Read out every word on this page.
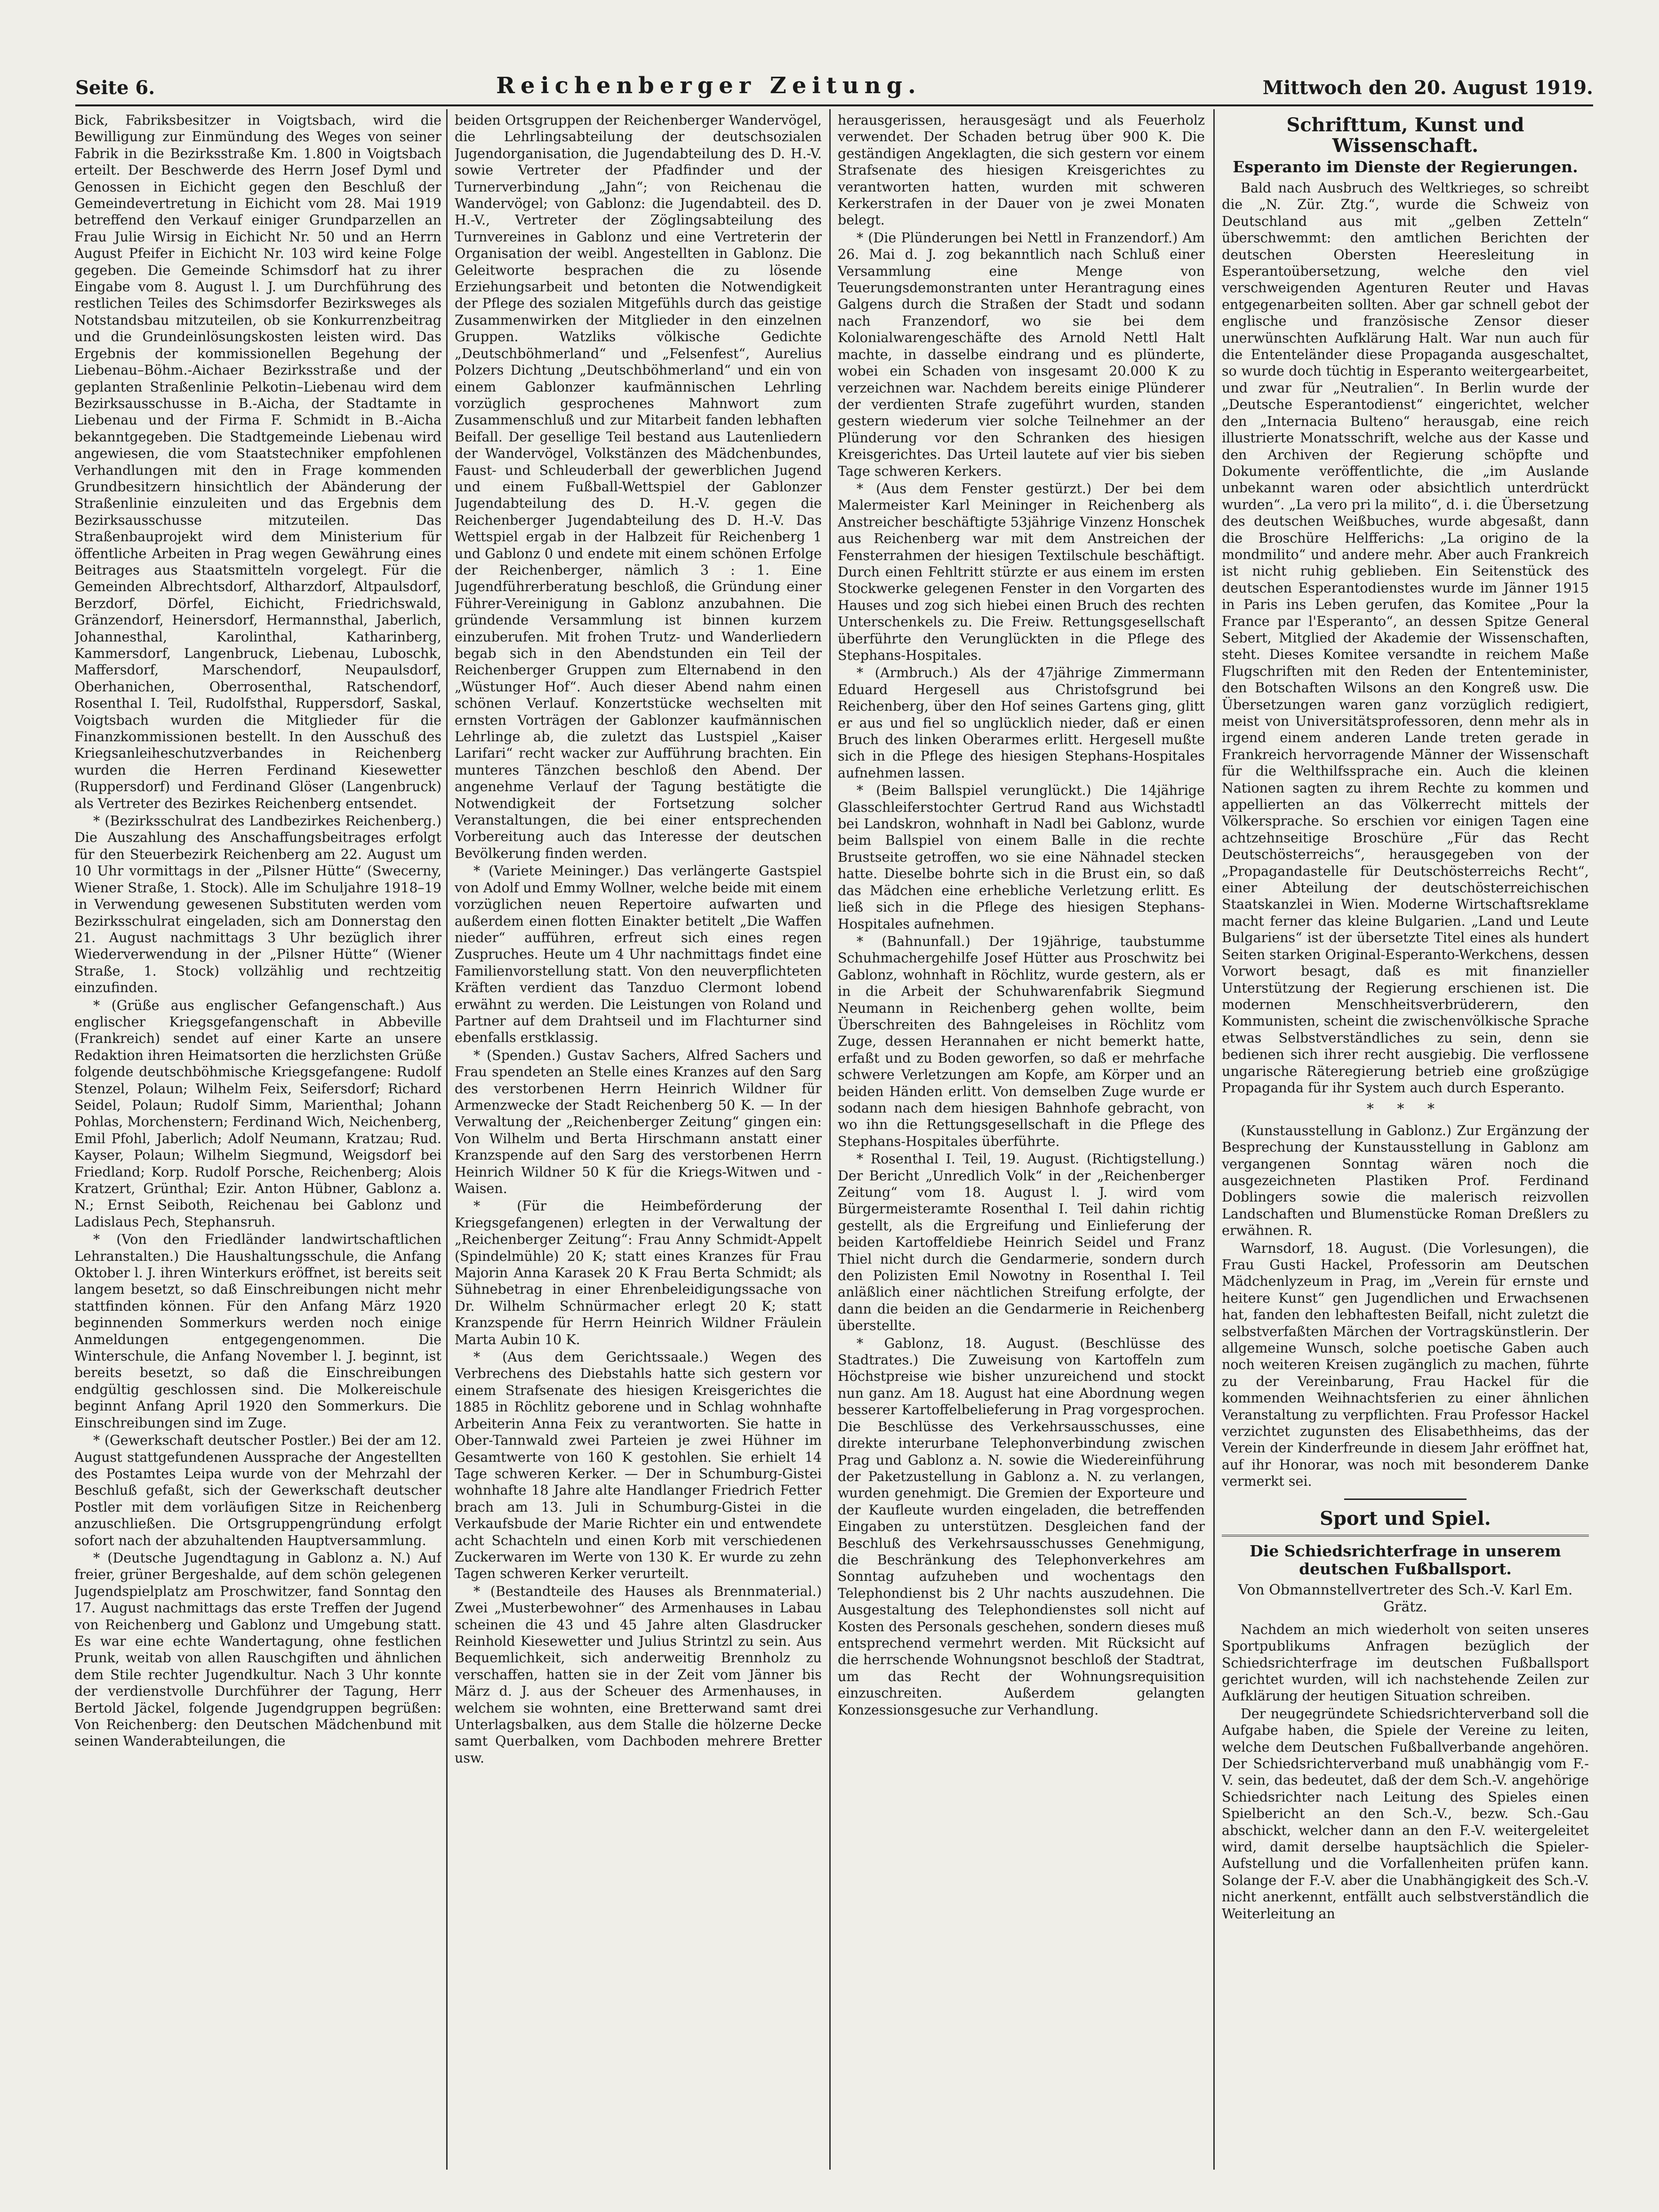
Seite 6.	Reichenberger Zeitung.	Mittwoch den 20. August 1919.

Bick, Fabriksbesitzer in Voigtsbach, wird die Bewilligung zur Einmündung des Weges von seiner Fabrik in die Bezirksstraße Km. 1.800 in Voigtsbach erteilt. Der Beschwerde des Herrn Josef Dyml und Genossen in Eichicht gegen den Beschluß der Gemeindevertretung in Eichicht vom 28. Mai 1919 betreffend den Verkauf einiger Grundparzellen an Frau Julie Wirsig in Eichicht Nr. 50 und an Herrn August Pfeifer in Eichicht Nr. 103 wird keine Folge gegeben. Die Gemeinde Schimsdorf hat zu ihrer Eingabe vom 8. August l. J. um Durchführung des restlichen Teiles des Schimsdorfer Bezirksweges als Notstandsbau mitzuteilen, ob sie Konkurrenzbeitrag und die Grundeinlösungskosten leisten wird. Das Ergebnis der kommissionellen Begehung der Liebenau–Böhm.-Aichaer Bezirksstraße und der geplanten Straßenlinie Pelkotin–Liebenau wird dem Bezirksausschusse in B.-Aicha, der Stadtamte in Liebenau und der Firma F. Schmidt in B.-Aicha bekanntgegeben. Die Stadtgemeinde Liebenau wird angewiesen, die vom Staatstechniker empfohlenen Verhandlungen mit den in Frage kommenden Grundbesitzern hinsichtlich der Abänderung der Straßenlinie einzuleiten und das Ergebnis dem Bezirksausschusse mitzuteilen. Das Straßenbauprojekt wird dem Ministerium für öffentliche Arbeiten in Prag wegen Gewährung eines Beitrages aus Staatsmitteln vorgelegt. Für die Gemeinden Albrechtsdorf, Altharzdorf, Altpaulsdorf, Berzdorf, Dörfel, Eichicht, Friedrichswald, Gränzendorf, Heinersdorf, Hermannsthal, Jaberlich, Johannesthal, Karolinthal, Katharinberg, Kammersdorf, Langenbruck, Liebenau, Luboschk, Maffersdorf, Marschendorf, Neupaulsdorf, Oberhanichen, Oberrosenthal, Ratschendorf, Rosenthal I. Teil, Rudolfsthal, Ruppersdorf, Saskal, Voigtsbach wurden die Mitglieder für die Finanzkommissionen bestellt. In den Ausschuß des Kriegsanleiheschutzverbandes in Reichenberg wurden die Herren Ferdinand Kiesewetter (Ruppersdorf) und Ferdinand Glöser (Langenbruck) als Vertreter des Bezirkes Reichenberg entsendet.

* (Bezirksschulrat des Landbezirkes Reichenberg.) Die Auszahlung des Anschaffungsbeitrages erfolgt für den Steuerbezirk Reichenberg am 22. August um 10 Uhr vormittags in der „Pilsner Hütte“ (Swecerny, Wiener Straße, 1. Stock). Alle im Schuljahre 1918–19 in Verwendung gewesenen Substituten werden vom Bezirksschulrat eingeladen, sich am Donnerstag den 21. August nachmittags 3 Uhr bezüglich ihrer Wiederverwendung in der „Pilsner Hütte“ (Wiener Straße, 1. Stock) vollzählig und rechtzeitig einzufinden.

* (Grüße aus englischer Gefangenschaft.) Aus englischer Kriegsgefangenschaft in Abbeville (Frankreich) sendet auf einer Karte an unsere Redaktion ihren Heimatsorten die herzlichsten Grüße folgende deutschböhmische Kriegsgefangene: Rudolf Stenzel, Polaun; Wilhelm Feix, Seifersdorf; Richard Seidel, Polaun; Rudolf Simm, Marienthal; Johann Pohlas, Morchenstern; Ferdinand Wich, Neichenberg, Emil Pfohl, Jaberlich; Adolf Neumann, Kratzau; Rud. Kayser, Polaun; Wilhelm Siegmund, Weigsdorf bei Friedland; Korp. Rudolf Porsche, Reichenberg; Alois Kratzert, Grünthal; Ezir. Anton Hübner, Gablonz a. N.; Ernst Seiboth, Reichenau bei Gablonz und Ladislaus Pech, Stephansruh.

* (Von den Friedländer landwirtschaftlichen Lehranstalten.) Die Haushaltungsschule, die Anfang Oktober l. J. ihren Winterkurs eröffnet, ist bereits seit langem besetzt, so daß Einschreibungen nicht mehr stattfinden können. Für den Anfang März 1920 beginnenden Sommerkurs werden noch einige Anmeldungen entgegengenommen. Die Winterschule, die Anfang November l. J. beginnt, ist bereits besetzt, so daß die Einschreibungen endgültig geschlossen sind. Die Molkereischule beginnt Anfang April 1920 den Sommerkurs. Die Einschreibungen sind im Zuge.

* (Gewerkschaft deutscher Postler.) Bei der am 12. August stattgefundenen Aussprache der Angestellten des Postamtes Leipa wurde von der Mehrzahl der Beschluß gefaßt, sich der Gewerkschaft deutscher Postler mit dem vorläufigen Sitze in Reichenberg anzuschließen. Die Ortsgruppengründung erfolgt sofort nach der abzuhaltenden Hauptversammlung.

* (Deutsche Jugendtagung in Gablonz a. N.) Auf freier, grüner Bergeshalde, auf dem schön gelegenen Jugendspielplatz am Proschwitzer, fand Sonntag den 17. August nachmittags das erste Treffen der Jugend von Reichenberg und Gablonz und Umgebung statt. Es war eine echte Wandertagung, ohne festlichen Prunk, weitab von allen Rauschgiften und ähnlichen dem Stile rechter Jugendkultur. Nach 3 Uhr konnte der verdienstvolle Durchführer der Tagung, Herr Bertold Jäckel, folgende Jugendgruppen begrüßen: Von Reichenberg: den Deutschen Mädchenbund mit seinen Wanderabteilungen, die

beiden Ortsgruppen der Reichenberger Wandervögel, die Lehrlingsabteilung der deutschsozialen Jugendorganisation, die Jugendabteilung des D. H.-V. sowie Vertreter der Pfadfinder und der Turnerverbindung „Jahn“; von Reichenau die Wandervögel; von Gablonz: die Jugendabteil. des D. H.-V., Vertreter der Zöglingsabteilung des Turnvereines in Gablonz und eine Vertreterin der Organisation der weibl. Angestellten in Gablonz. Die Geleitworte besprachen die zu lösende Erziehungsarbeit und betonten die Notwendigkeit der Pflege des sozialen Mitgefühls durch das geistige Zusammenwirken der Mitglieder in den einzelnen Gruppen. Watzliks völkische Gedichte „Deutschböhmerland“ und „Felsenfest“, Aurelius Polzers Dichtung „Deutschböhmerland“ und ein von einem Gablonzer kaufmännischen Lehrling vorzüglich gesprochenes Mahnwort zum Zusammenschluß und zur Mitarbeit fanden lebhaften Beifall. Der gesellige Teil bestand aus Lautenliedern der Wandervögel, Volkstänzen des Mädchenbundes, Faust- und Schleuderball der gewerblichen Jugend und einem Fußball-Wettspiel der Gablonzer Jugendabteilung des D. H.-V. gegen die Reichenberger Jugendabteilung des D. H.-V. Das Wettspiel ergab in der Halbzeit für Reichenberg 1 und Gablonz 0 und endete mit einem schönen Erfolge der Reichenberger, nämlich 3 : 1. Eine Jugendführerberatung beschloß, die Gründung einer Führer-Vereinigung in Gablonz anzubahnen. Die gründende Versammlung ist binnen kurzem einzuberufen. Mit frohen Trutz- und Wanderliedern begab sich in den Abendstunden ein Teil der Reichenberger Gruppen zum Elternabend in den „Wüstunger Hof“. Auch dieser Abend nahm einen schönen Verlauf. Konzertstücke wechselten mit ernsten Vorträgen der Gablonzer kaufmännischen Lehrlinge ab, die zuletzt das Lustspiel „Kaiser Larifari“ recht wacker zur Aufführung brachten. Ein munteres Tänzchen beschloß den Abend. Der angenehme Verlauf der Tagung bestätigte die Notwendigkeit der Fortsetzung solcher Veranstaltungen, die bei einer entsprechenden Vorbereitung auch das Interesse der deutschen Bevölkerung finden werden.

* (Variete Meininger.) Das verlängerte Gastspiel von Adolf und Emmy Wollner, welche beide mit einem vorzüglichen neuen Repertoire aufwarten und außerdem einen flotten Einakter betitelt „Die Waffen nieder“ aufführen, erfreut sich eines regen Zuspruches. Heute um 4 Uhr nachmittags findet eine Familienvorstellung statt. Von den neuverpflichteten Kräften verdient das Tanzduo Clermont lobend erwähnt zu werden. Die Leistungen von Roland und Partner auf dem Drahtseil und im Flachturner sind ebenfalls erstklassig.

* (Spenden.) Gustav Sachers, Alfred Sachers und Frau spendeten an Stelle eines Kranzes auf den Sarg des verstorbenen Herrn Heinrich Wildner für Armenzwecke der Stadt Reichenberg 50 K. — In der Verwaltung der „Reichenberger Zeitung“ gingen ein: Von Wilhelm und Berta Hirschmann anstatt einer Kranzspende auf den Sarg des verstorbenen Herrn Heinrich Wildner 50 K für die Kriegs-Witwen und -Waisen.

* (Für die Heimbeförderung der Kriegsgefangenen) erlegten in der Verwaltung der „Reichenberger Zeitung“: Frau Anny Schmidt-Appelt (Spindelmühle) 20 K; statt eines Kranzes für Frau Majorin Anna Karasek 20 K Frau Berta Schmidt; als Sühnebetrag in einer Ehrenbeleidigungssache von Dr. Wilhelm Schnürmacher erlegt 20 K; statt Kranzspende für Herrn Heinrich Wildner Fräulein Marta Aubin 10 K.

* (Aus dem Gerichtssaale.) Wegen des Verbrechens des Diebstahls hatte sich gestern vor einem Strafsenate des hiesigen Kreisgerichtes die 1885 in Röchlitz geborene und in Schlag wohnhafte Arbeiterin Anna Feix zu verantworten. Sie hatte in Ober-Tannwald zwei Parteien je zwei Hühner im Gesamtwerte von 160 K gestohlen. Sie erhielt 14 Tage schweren Kerker. — Der in Schumburg-Gistei wohnhafte 18 Jahre alte Handlanger Friedrich Fetter brach am 13. Juli in Schumburg-Gistei in die Verkaufsbude der Marie Richter ein und entwendete acht Schachteln und einen Korb mit verschiedenen Zuckerwaren im Werte von 130 K. Er wurde zu zehn Tagen schweren Kerker verurteilt.

* (Bestandteile des Hauses als Brennmaterial.) Zwei „Musterbewohner“ des Armenhauses in Labau scheinen die 43 und 45 Jahre alten Glasdrucker Reinhold Kiesewetter und Julius Strintzl zu sein. Aus Bequemlichkeit, sich anderweitig Brennholz zu verschaffen, hatten sie in der Zeit vom Jänner bis März d. J. aus der Scheuer des Armenhauses, in welchem sie wohnten, eine Bretterwand samt drei Unterlagsbalken, aus dem Stalle die hölzerne Decke samt Querbalken, vom Dachboden mehrere Bretter usw.

herausgerissen, herausgesägt und als Feuerholz verwendet. Der Schaden betrug über 900 K. Die geständigen Angeklagten, die sich gestern vor einem Strafsenate des hiesigen Kreisgerichtes zu verantworten hatten, wurden mit schweren Kerkerstrafen in der Dauer von je zwei Monaten belegt.

* (Die Plünderungen bei Nettl in Franzendorf.) Am 26. Mai d. J. zog bekanntlich nach Schluß einer Versammlung eine Menge von Teuerungsdemonstranten unter Herantragung eines Galgens durch die Straßen der Stadt und sodann nach Franzendorf, wo sie bei dem Kolonialwarengeschäfte des Arnold Nettl Halt machte, in dasselbe eindrang und es plünderte, wobei ein Schaden von insgesamt 20.000 K zu verzeichnen war. Nachdem bereits einige Plünderer der verdienten Strafe zugeführt wurden, standen gestern wiederum vier solche Teilnehmer an der Plünderung vor den Schranken des hiesigen Kreisgerichtes. Das Urteil lautete auf vier bis sieben Tage schweren Kerkers.

* (Aus dem Fenster gestürzt.) Der bei dem Malermeister Karl Meininger in Reichenberg als Anstreicher beschäftigte 53jährige Vinzenz Honschek aus Reichenberg war mit dem Anstreichen der Fensterrahmen der hiesigen Textilschule beschäftigt. Durch einen Fehltritt stürzte er aus einem im ersten Stockwerke gelegenen Fenster in den Vorgarten des Hauses und zog sich hiebei einen Bruch des rechten Unterschenkels zu. Die Freiw. Rettungsgesellschaft überführte den Verunglückten in die Pflege des Stephans-Hospitales.

* (Armbruch.) Als der 47jährige Zimmermann Eduard Hergesell aus Christofsgrund bei Reichenberg, über den Hof seines Gartens ging, glitt er aus und fiel so unglücklich nieder, daß er einen Bruch des linken Oberarmes erlitt. Hergesell mußte sich in die Pflege des hiesigen Stephans-Hospitales aufnehmen lassen.

* (Beim Ballspiel verunglückt.) Die 14jährige Glasschleiferstochter Gertrud Rand aus Wichstadtl bei Landskron, wohnhaft in Nadl bei Gablonz, wurde beim Ballspiel von einem Balle in die rechte Brustseite getroffen, wo sie eine Nähnadel stecken hatte. Dieselbe bohrte sich in die Brust ein, so daß das Mädchen eine erhebliche Verletzung erlitt. Es ließ sich in die Pflege des hiesigen Stephans-Hospitales aufnehmen.

* (Bahnunfall.) Der 19jährige, taubstumme Schuhmachergehilfe Josef Hütter aus Proschwitz bei Gablonz, wohnhaft in Röchlitz, wurde gestern, als er in die Arbeit der Schuhwarenfabrik Siegmund Neumann in Reichenberg gehen wollte, beim Überschreiten des Bahngeleises in Röchlitz vom Zuge, dessen Herannahen er nicht bemerkt hatte, erfaßt und zu Boden geworfen, so daß er mehrfache schwere Verletzungen am Kopfe, am Körper und an beiden Händen erlitt. Von demselben Zuge wurde er sodann nach dem hiesigen Bahnhofe gebracht, von wo ihn die Rettungsgesellschaft in die Pflege des Stephans-Hospitales überführte.

* Rosenthal I. Teil, 19. August. (Richtigstellung.) Der Bericht „Unredlich Volk“ in der „Reichenberger Zeitung“ vom 18. August l. J. wird vom Bürgermeisteramte Rosenthal I. Teil dahin richtig gestellt, als die Ergreifung und Einlieferung der beiden Kartoffeldiebe Heinrich Seidel und Franz Thiel nicht durch die Gendarmerie, sondern durch den Polizisten Emil Nowotny in Rosenthal I. Teil anläßlich einer nächtlichen Streifung erfolgte, der dann die beiden an die Gendarmerie in Reichenberg überstellte.

* Gablonz, 18. August. (Beschlüsse des Stadtrates.) Die Zuweisung von Kartoffeln zum Höchstpreise wie bisher unzureichend und stockt nun ganz. Am 18. August hat eine Abordnung wegen besserer Kartoffelbelieferung in Prag vorgesprochen. Die Beschlüsse des Verkehrsausschusses, eine direkte interurbane Telephonverbindung zwischen Prag und Gablonz a. N. sowie die Wiedereinführung der Paketzustellung in Gablonz a. N. zu verlangen, wurden genehmigt. Die Gremien der Exporteure und der Kaufleute wurden eingeladen, die betreffenden Eingaben zu unterstützen. Desgleichen fand der Beschluß des Verkehrsausschusses Genehmigung, die Beschränkung des Telephonverkehres am Sonntag aufzuheben und wochentags den Telephondienst bis 2 Uhr nachts auszudehnen. Die Ausgestaltung des Telephondienstes soll nicht auf Kosten des Personals geschehen, sondern dieses muß entsprechend vermehrt werden. Mit Rücksicht auf die herrschende Wohnungsnot beschloß der Stadtrat, um das Recht der Wohnungsrequisition einzuschreiten. Außerdem gelangten Konzessionsgesuche zur Verhandlung.

Schrifttum, Kunst und Wissenschaft.
Esperanto im Dienste der Regierungen.

Bald nach Ausbruch des Weltkrieges, so schreibt die „N. Zür. Ztg.“, wurde die Schweiz von Deutschland aus mit „gelben Zetteln“ überschwemmt: den amtlichen Berichten der deutschen Obersten Heeresleitung in Esperantoübersetzung, welche den viel verschweigenden Agenturen Reuter und Havas entgegenarbeiten sollten. Aber gar schnell gebot der englische und französische Zensor dieser unerwünschten Aufklärung Halt. War nun auch für die Ententeländer diese Propaganda ausgeschaltet, so wurde doch tüchtig in Esperanto weitergearbeitet, und zwar für „Neutralien“. In Berlin wurde der „Deutsche Esperantodienst“ eingerichtet, welcher den „Internacia Bulteno“ herausgab, eine reich illustrierte Monatsschrift, welche aus der Kasse und den Archiven der Regierung schöpfte und Dokumente veröffentlichte, die „im Auslande unbekannt waren oder absichtlich unterdrückt wurden“. „La vero pri la milito“, d. i. die Übersetzung des deutschen Weißbuches, wurde abgesaßt, dann die Broschüre Helfferichs: „La origino de la mondmilito“ und andere mehr. Aber auch Frankreich ist nicht ruhig geblieben. Ein Seitenstück des deutschen Esperantodienstes wurde im Jänner 1915 in Paris ins Leben gerufen, das Komitee „Pour la France par l'Esperanto“, an dessen Spitze General Sebert, Mitglied der Akademie der Wissenschaften, steht. Dieses Komitee versandte in reichem Maße Flugschriften mit den Reden der Ententeminister, den Botschaften Wilsons an den Kongreß usw. Die Übersetzungen waren ganz vorzüglich redigiert, meist von Universitätsprofessoren, denn mehr als in irgend einem anderen Lande treten gerade in Frankreich hervorragende Männer der Wissenschaft für die Welthilfssprache ein. Auch die kleinen Nationen sagten zu ihrem Rechte zu kommen und appellierten an das Völkerrecht mittels der Völkersprache. So erschien vor einigen Tagen eine achtzehnseitige Broschüre „Für das Recht Deutschösterreichs“, herausgegeben von der „Propagandastelle für Deutschösterreichs Recht“, einer Abteilung der deutschösterreichischen Staatskanzlei in Wien. Moderne Wirtschaftsreklame macht ferner das kleine Bulgarien. „Land und Leute Bulgariens“ ist der übersetzte Titel eines als hundert Seiten starken Original-Esperanto-Werkchens, dessen Vorwort besagt, daß es mit finanzieller Unterstützung der Regierung erschienen ist. Die modernen Menschheitsverbrüderern, den Kommunisten, scheint die zwischenvölkische Sprache etwas Selbstverständliches zu sein, denn sie bedienen sich ihrer recht ausgiebig. Die verflossene ungarische Räteregierung betrieb eine großzügige Propaganda für ihr System auch durch Esperanto.

* * *

(Kunstausstellung in Gablonz.) Zur Ergänzung der Besprechung der Kunstausstellung in Gablonz am vergangenen Sonntag wären noch die ausgezeichneten Plastiken Prof. Ferdinand Doblingers sowie die malerisch reizvollen Landschaften und Blumenstücke Roman Dreßlers zu erwähnen. R.

Warnsdorf, 18. August. (Die Vorlesungen), die Frau Gusti Hackel, Professorin am Deutschen Mädchenlyzeum in Prag, im „Verein für ernste und heitere Kunst“ gen Jugendlichen und Erwachsenen hat, fanden den lebhaftesten Beifall, nicht zuletzt die selbstverfaßten Märchen der Vortragskünstlerin. Der allgemeine Wunsch, solche poetische Gaben auch noch weiteren Kreisen zugänglich zu machen, führte zu der Vereinbarung, Frau Hackel für die kommenden Weihnachtsferien zu einer ähnlichen Veranstaltung zu verpflichten. Frau Professor Hackel verzichtet zugunsten des Elisabethheims, das der Verein der Kinderfreunde in diesem Jahr eröffnet hat, auf ihr Honorar, was noch mit besonderem Danke vermerkt sei.

Sport und Spiel.
Die Schiedsrichterfrage in unserem deutschen Fußballsport.
Von Obmannstellvertreter des Sch.-V. Karl Em. Grätz.

Nachdem an mich wiederholt von seiten unseres Sportpublikums Anfragen bezüglich der Schiedsrichterfrage im deutschen Fußballsport gerichtet wurden, will ich nachstehende Zeilen zur Aufklärung der heutigen Situation schreiben.

Der neugegründete Schiedsrichterverband soll die Aufgabe haben, die Spiele der Vereine zu leiten, welche dem Deutschen Fußballverbande angehören. Der Schiedsrichterverband muß unabhängig vom F.-V. sein, das bedeutet, daß der dem Sch.-V. angehörige Schiedsrichter nach Leitung des Spieles einen Spielbericht an den Sch.-V., bezw. Sch.-Gau abschickt, welcher dann an den F.-V. weitergeleitet wird, damit derselbe hauptsächlich die Spieler-Aufstellung und die Vorfallenheiten prüfen kann. Solange der F.-V. aber die Unabhängigkeit des Sch.-V. nicht anerkennt, entfällt auch selbstverständlich die Weiterleitung an
